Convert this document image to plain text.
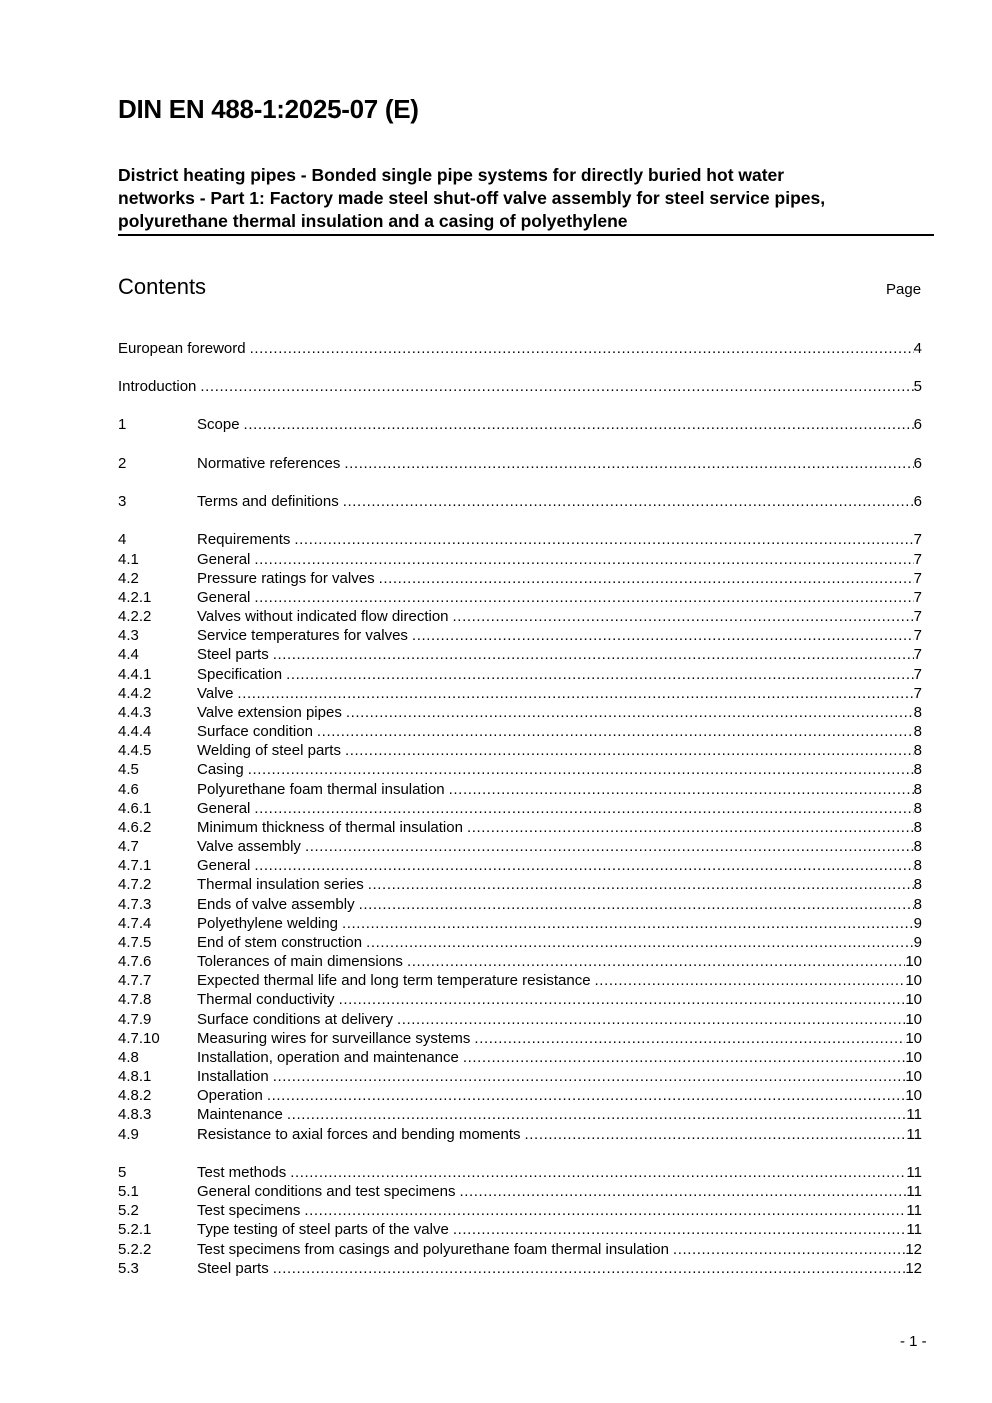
DIN EN 488-1:2025-07 (E)
District heating pipes - Bonded single pipe systems for directly buried hot water
networks - Part 1: Factory made steel shut-off valve assembly for steel service pipes,
polyurethane thermal insulation and a casing of polyethylene
Contents	Page
European foreword .....	4
Introduction .....	5
1	Scope .....	6
2	Normative references .....	6
3	Terms and definitions .....	6
4	Requirements .....	7
4.1	General .....	7
4.2	Pressure ratings for valves .....	7
4.2.1	General .....	7
4.2.2	Valves without indicated flow direction .....	7
4.3	Service temperatures for valves .....	7
4.4	Steel parts .....	7
4.4.1	Specification .....	7
4.4.2	Valve .....	7
4.4.3	Valve extension pipes .....	8
4.4.4	Surface condition .....	8
4.4.5	Welding of steel parts .....	8
4.5	Casing .....	8
4.6	Polyurethane foam thermal insulation .....	8
4.6.1	General .....	8
4.6.2	Minimum thickness of thermal insulation .....	8
4.7	Valve assembly .....	8
4.7.1	General .....	8
4.7.2	Thermal insulation series .....	8
4.7.3	Ends of valve assembly .....	8
4.7.4	Polyethylene welding .....	9
4.7.5	End of stem construction .....	9
4.7.6	Tolerances of main dimensions .....	10
4.7.7	Expected thermal life and long term temperature resistance .....	10
4.7.8	Thermal conductivity .....	10
4.7.9	Surface conditions at delivery .....	10
4.7.10	Measuring wires for surveillance systems .....	10
4.8	Installation, operation and maintenance .....	10
4.8.1	Installation .....	10
4.8.2	Operation .....	10
4.8.3	Maintenance .....	11
4.9	Resistance to axial forces and bending moments .....	11
5	Test methods .....	11
5.1	General conditions and test specimens .....	11
5.2	Test specimens .....	11
5.2.1	Type testing of steel parts of the valve .....	11
5.2.2	Test specimens from casings and polyurethane foam thermal insulation .....	12
5.3	Steel parts .....	12
- 1 -
